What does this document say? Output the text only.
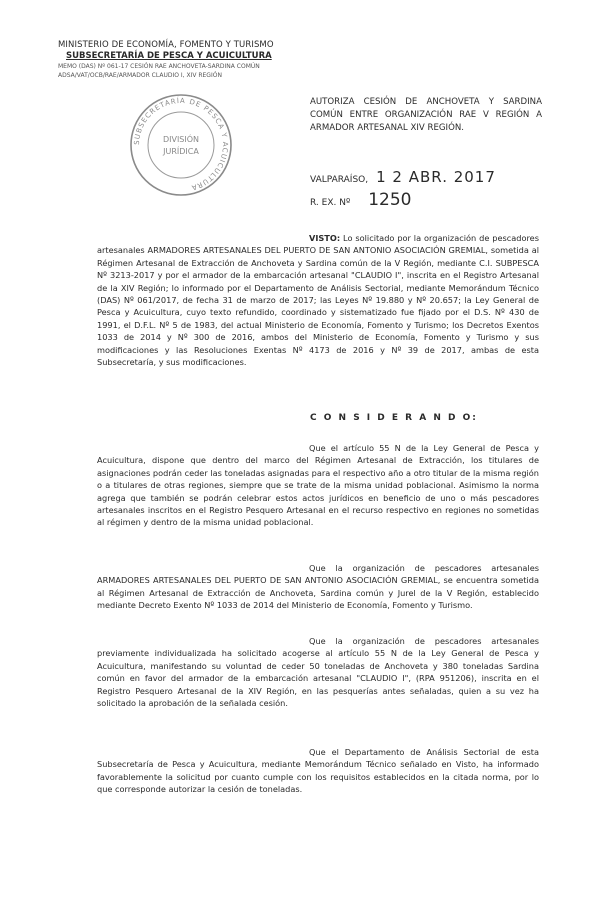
MINISTERIO DE ECONOMÍA, FOMENTO Y TURISMO
SUBSECRETARÍA DE PESCA Y ACUICULTURA
MEMO (DAS) Nº 061-17 CESIÓN RAE ANCHOVETA-SARDINA COMÚN
ADSA/VAT/OCB/RAE/ARMADOR CLAUDIO I, XIV REGIÓN
SUBSECRETARÍA DE PESCA Y ACUICULTURA
DIVISIÓN
JURÍDICA
AUTORIZA CESIÓN DE ANCHOVETA Y SARDINA COMÚN ENTRE ORGANIZACIÓN RAE V REGIÓN A ARMADOR ARTESANAL XIV REGIÓN.
VALPARAÍSO, 1 2 ABR. 2017
R. EX. Nº 1250
VISTO: Lo solicitado por la organización de pescadores artesanales ARMADORES ARTESANALES DEL PUERTO DE SAN ANTONIO ASOCIACIÓN GREMIAL, sometida al Régimen Artesanal de Extracción de Anchoveta y Sardina común de la V Región, mediante C.I. SUBPESCA Nº 3213-2017 y por el armador de la embarcación artesanal "CLAUDIO I", inscrita en el Registro Artesanal de la XIV Región; lo informado por el Departamento de Análisis Sectorial, mediante Memorándum Técnico (DAS) Nº 061/2017, de fecha 31 de marzo de 2017; las Leyes Nº 19.880 y Nº 20.657; la Ley General de Pesca y Acuicultura, cuyo texto refundido, coordinado y sistematizado fue fijado por el D.S. Nº 430 de 1991, el D.F.L. Nº 5 de 1983, del actual Ministerio de Economía, Fomento y Turismo; los Decretos Exentos 1033 de 2014 y Nº 300 de 2016, ambos del Ministerio de Economía, Fomento y Turismo y sus modificaciones y las Resoluciones Exentas Nº 4173 de 2016 y Nº 39 de 2017, ambas de esta Subsecretaría, y sus modificaciones.
C O N S I D E R A N D O:
Que el artículo 55 N de la Ley General de Pesca y Acuicultura, dispone que dentro del marco del Régimen Artesanal de Extracción, los titulares de asignaciones podrán ceder las toneladas asignadas para el respectivo año a otro titular de la misma región o a titulares de otras regiones, siempre que se trate de la misma unidad poblacional. Asimismo la norma agrega que también se podrán celebrar estos actos jurídicos en beneficio de uno o más pescadores artesanales inscritos en el Registro Pesquero Artesanal en el recurso respectivo en regiones no sometidas al régimen y dentro de la misma unidad poblacional.
Que la organización de pescadores artesanales ARMADORES ARTESANALES DEL PUERTO DE SAN ANTONIO ASOCIACIÓN GREMIAL, se encuentra sometida al Régimen Artesanal de Extracción de Anchoveta, Sardina común y Jurel de la V Región, establecido mediante Decreto Exento Nº 1033 de 2014 del Ministerio de Economía, Fomento y Turismo.
Que la organización de pescadores artesanales previamente individualizada ha solicitado acogerse al artículo 55 N de la Ley General de Pesca y Acuicultura, manifestando su voluntad de ceder 50 toneladas de Anchoveta y 380 toneladas Sardina común en favor del armador de la embarcación artesanal "CLAUDIO I", (RPA 951206), inscrita en el Registro Pesquero Artesanal de la XIV Región, en las pesquerías antes señaladas, quien a su vez ha solicitado la aprobación de la señalada cesión.
Que el Departamento de Análisis Sectorial de esta Subsecretaría de Pesca y Acuicultura, mediante Memorándum Técnico señalado en Visto, ha informado favorablemente la solicitud por cuanto cumple con los requisitos establecidos en la citada norma, por lo que corresponde autorizar la cesión de toneladas.
